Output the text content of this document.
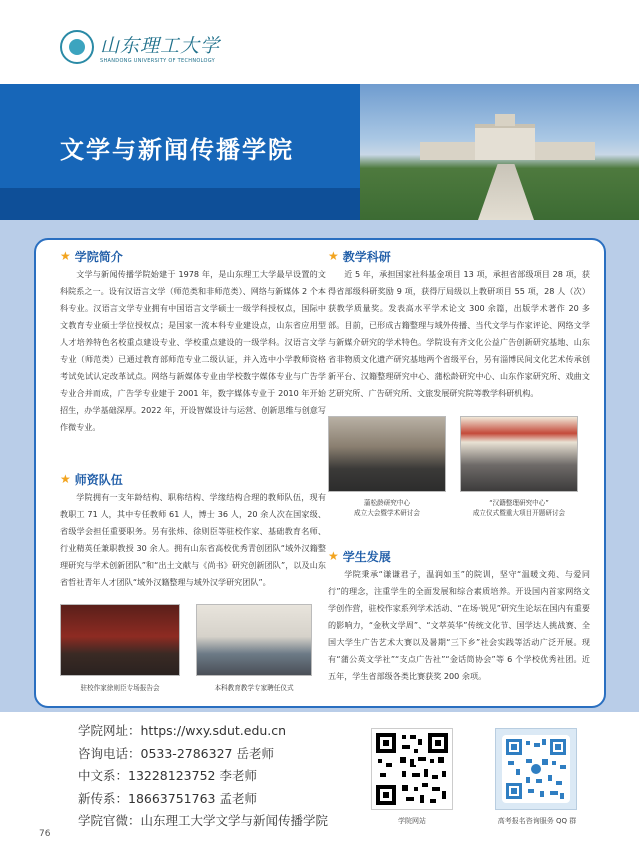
山东理工大学
SHANDONG UNIVERSITY OF TECHNOLOGY
文学与新闻传播学院
★ 学院简介
文学与新闻传播学院始建于 1978 年，是山东理工大学最早设置的文科院系之一。设有汉语言文学（师范类和非师范类）、网络与新媒体 2 个本科专业。汉语言文学专业拥有中国语言文学硕士一级学科授权点，国际中文教育专业硕士学位授权点；是国家一流本科专业建设点，山东省应用型人才培养特色名校重点建设专业、学校重点建设的一级学科。汉语言文学专业（师范类）已通过教育部师范专业二级认证，并入选中小学教师资格考试免试认定改革试点。网络与新媒体专业由学校数字媒体专业与广告学专业合并而成，广告学专业建于 2001 年，数字媒体专业于 2010 年开始招生，办学基础深厚。2022 年，开设智媒设计与运营、创新思维与创意写作微专业。
★ 师资队伍
学院拥有一支年龄结构、职称结构、学缘结构合理的教师队伍，现有教职工 71 人，其中专任教师 61 人，博士 36 人，20 余人次在国家级、省级学会担任重要职务。另有张炜、徐则臣等驻校作家、基础教育名师、行业精英任兼职教授 30 余人。拥有山东省高校优秀青创团队“域外汉籍整理研究与学术创新团队”和“出土文献与《尚书》研究创新团队”，以及山东省哲社青年人才团队“域外汉籍整理与域外汉学研究团队”。
驻校作家徐则臣专场报告会	本科教育教学专家聘任仪式
★ 教学科研
近 5 年，承担国家社科基金项目 13 项，承担省部级项目 28 项，获得省部级科研奖励 9 项，获得厅局级以上教研项目 55 项，28 人（次）获教学质量奖。发表高水平学术论文 300 余篇，出版学术著作 20 多部。目前，已形成古籍整理与域外传播、当代文学与作家评论、网络文学与新媒介研究的学术特色。学院设有齐文化公益广告创新研究基地、山东省非物质文化遗产研究基地两个省级平台，另有淄博民间文化艺术传承创新平台、汉籍整理研究中心、蒲松龄研究中心、山东作家研究所、戏曲文艺研究所、广告研究所、文旅发展研究院等教学科研机构。
蒲松龄研究中心
成立大会暨学术研讨会
“汉籍整理研究中心”
成立仪式暨重大项目开题研讨会
★ 学生发展
学院秉承“谦谦君子，温润如玉”的院训，坚守“温暖文苑、与爱同行”的理念，注重学生的全面发展和综合素质培养。开设国内首家网络文学创作营，驻校作家系列学术活动、“在场·锐见”研究生论坛在国内有重要的影响力，“金秋文学周”、“文萃英华”传统文化节、国学达人挑战赛、全国大学生广告艺术大赛以及暑期“三下乡”社会实践等活动广泛开展。现有“蒲公英文学社”“支点广告社”“金话筒协会”等 6 个学校优秀社团。近五年，学生省部级各类比赛获奖 200 余项。
学院网址：https://wxy.sdut.edu.cn
咨询电话：0533-2786327 岳老师
中文系：13228123752 李老师
新传系：18663751763 孟老师
学院官微：山东理工大学文学与新闻传播学院	学院网站	高考报名咨询服务 QQ 群
76
